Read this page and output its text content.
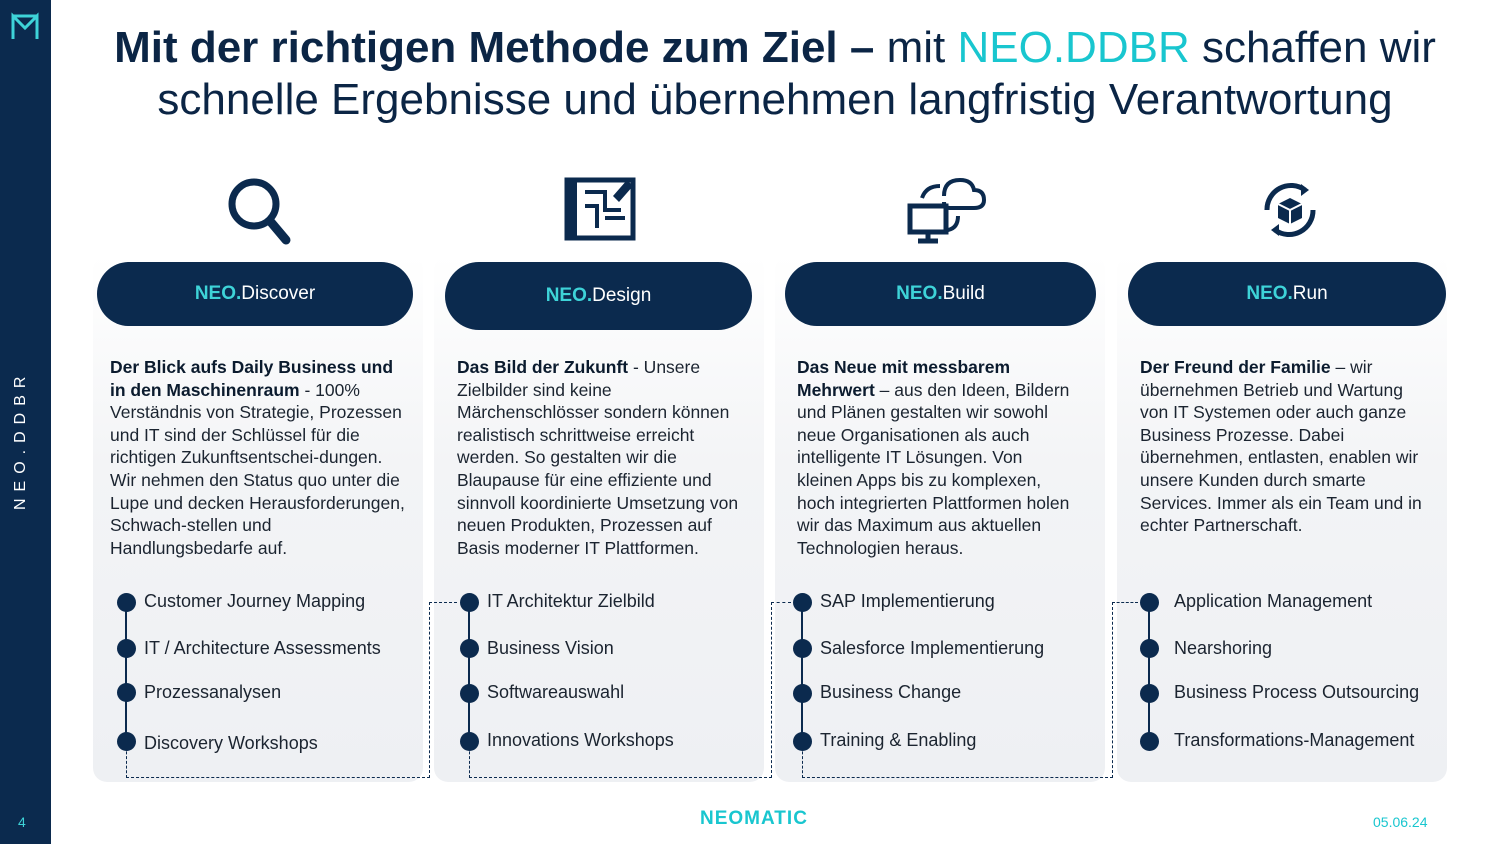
NEO.DDBR
4
Mit der richtigen Methode zum Ziel – mit NEO.DDBR schaffen wir
schnelle Ergebnisse und übernehmen langfristig Verantwortung
NEO. Discover	NEO. Design	NEO. Build	NEO. Run
Der Blick aufs Daily Business und in den Maschinenraum - 100% Verständnis von Strategie, Prozessen und IT sind der Schlüssel für die richtigen Zukunftsentschei-dungen. Wir nehmen den Status quo unter die Lupe und decken Herausforderungen, Schwach-stellen und Handlungsbedarfe auf.
Das Bild der Zukunft - Unsere Zielbilder sind keine Märchenschlösser sondern können realistisch schrittweise erreicht werden. So gestalten wir die Blaupause für eine effiziente und sinnvoll koordinierte Umsetzung von neuen Produkten, Prozessen auf Basis moderner IT Plattformen.
Das Neue mit messbarem Mehrwert – aus den Ideen, Bildern und Plänen gestalten wir sowohl neue Organisationen als auch intelligente IT Lösungen. Von kleinen Apps bis zu komplexen, hoch integrierten Plattformen holen wir das Maximum aus aktuellen Technologien heraus.
Der Freund der Familie – wir übernehmen Betrieb und Wartung von IT Systemen oder auch ganze Business Prozesse. Dabei übernehmen, entlasten, enablen wir unsere Kunden durch smarte Services. Immer als ein Team und in echter Partnerschaft.
Customer Journey Mapping
IT / Architecture Assessments
Prozessanalysen
Discovery Workshops
IT Architektur Zielbild
Business Vision
Softwareauswahl
Innovations Workshops
SAP Implementierung
Salesforce Implementierung
Business Change
Training & Enabling
Application Management
Nearshoring
Business Process Outsourcing
Transformations-Management
NEOMATIC	05.06.24
